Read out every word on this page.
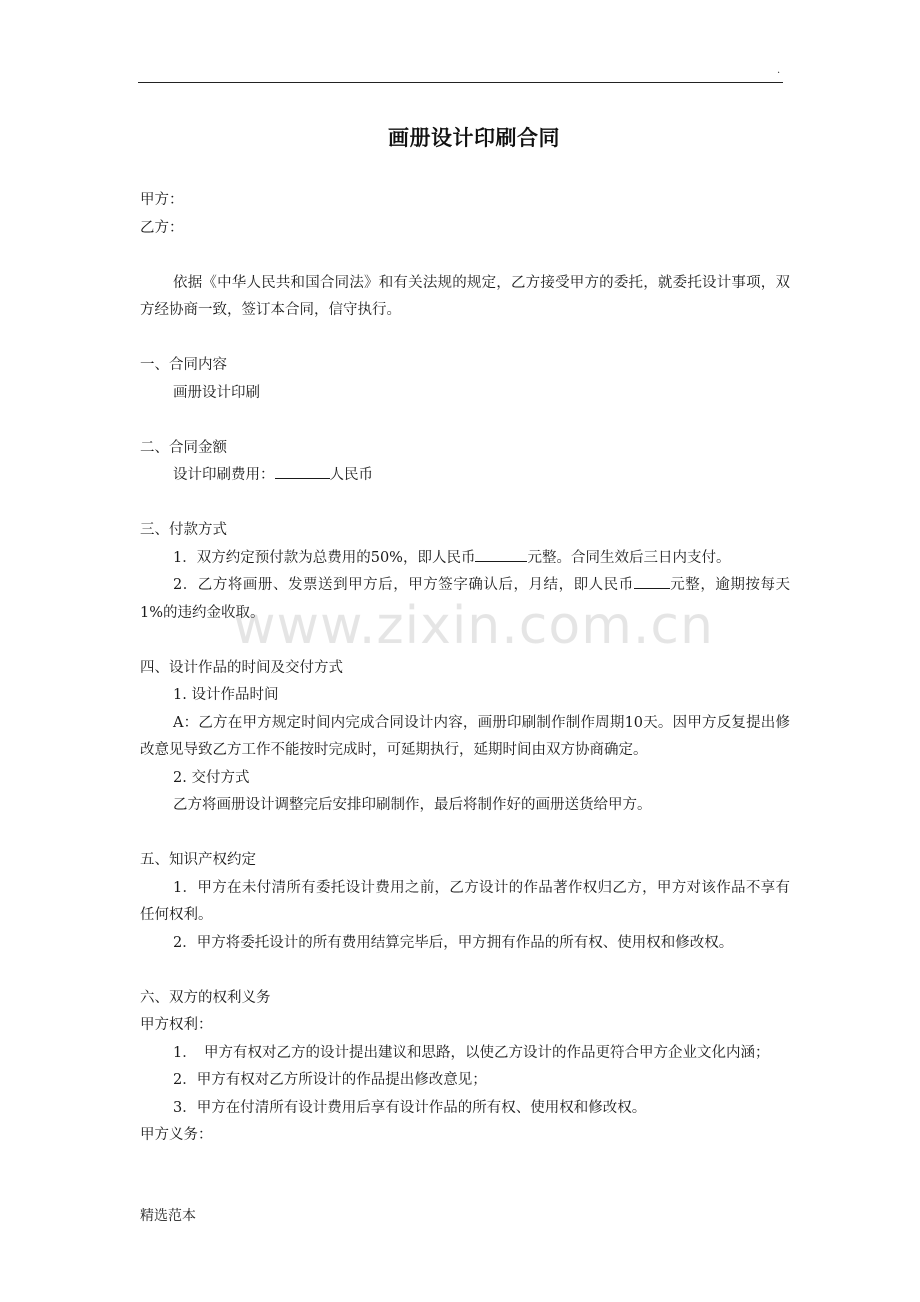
.
画册设计印刷合同

甲方：

乙方：

依据《中华人民共和国合同法》和有关法规的规定，乙方接受甲方的委托，就委托设计事项，双方经协商一致，签订本合同，信守执行。

一、合同内容

画册设计印刷

二、合同金额

设计印刷费用：	人民币

三、付款方式

1．双方约定预付款为总费用的50%，即人民币	元整。合同生效后三日内支付。

2．乙方将画册、发票送到甲方后，甲方签字确认后，月结，即人民币 元整，逾期按每天1%的违约金收取。

四、设计作品的时间及交付方式

1. 设计作品时间

A：乙方在甲方规定时间内完成合同设计内容，画册印刷制作制作周期10天。因甲方反复提出修改意见导致乙方工作不能按时完成时，可延期执行，延期时间由双方协商确定。

2. 交付方式

乙方将画册设计调整完后安排印刷制作，最后将制作好的画册送货给甲方。

五、知识产权约定

1．甲方在未付清所有委托设计费用之前，乙方设计的作品著作权归乙方，甲方对该作品不享有任何权利。

2．甲方将委托设计的所有费用结算完毕后，甲方拥有作品的所有权、使用权和修改权。

六、双方的权利义务

甲方权利：

1．　甲方有权对乙方的设计提出建议和思路，以使乙方设计的作品更符合甲方企业文化内涵；

2．甲方有权对乙方所设计的作品提出修改意见；

3．甲方在付清所有设计费用后享有设计作品的所有权、使用权和修改权。

甲方义务：

www.zixin.com.cn
精选范本
